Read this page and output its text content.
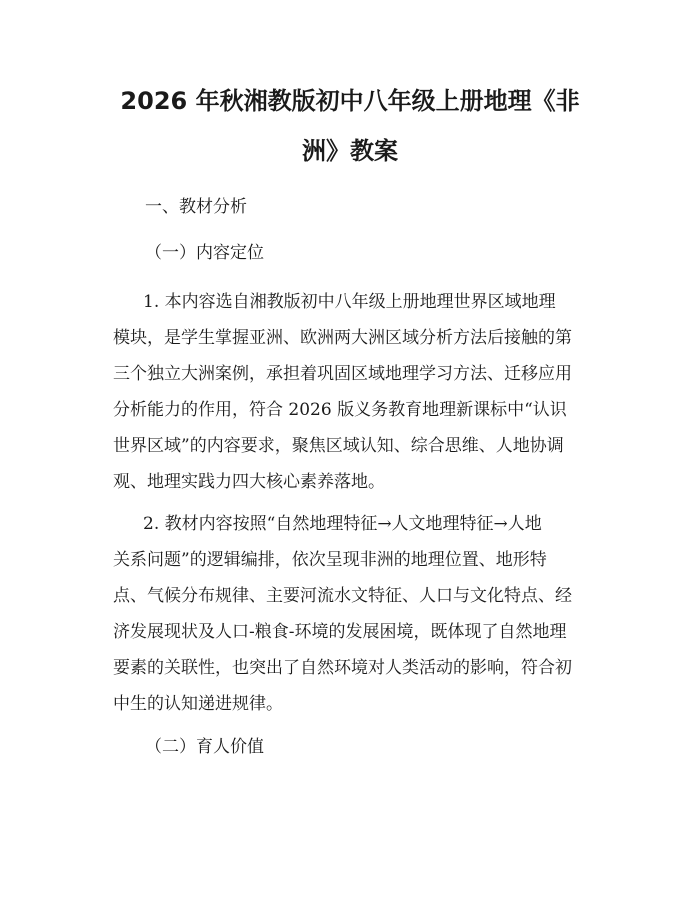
2026 年秋湘教版初中八年级上册地理《非
洲》教案
一、教材分析
（一）内容定位
1. 本内容选自湘教版初中八年级上册地理世界区域地理
模块，是学生掌握亚洲、欧洲两大洲区域分析方法后接触的第
三个独立大洲案例，承担着巩固区域地理学习方法、迁移应用
分析能力的作用，符合 2026 版义务教育地理新课标中“认识
世界区域”的内容要求，聚焦区域认知、综合思维、人地协调
观、地理实践力四大核心素养落地。
2. 教材内容按照“自然地理特征→人文地理特征→人地
关系问题”的逻辑编排，依次呈现非洲的地理位置、地形特
点、气候分布规律、主要河流水文特征、人口与文化特点、经
济发展现状及人口-粮食-环境的发展困境，既体现了自然地理
要素的关联性，也突出了自然环境对人类活动的影响，符合初
中生的认知递进规律。
（二）育人价值
